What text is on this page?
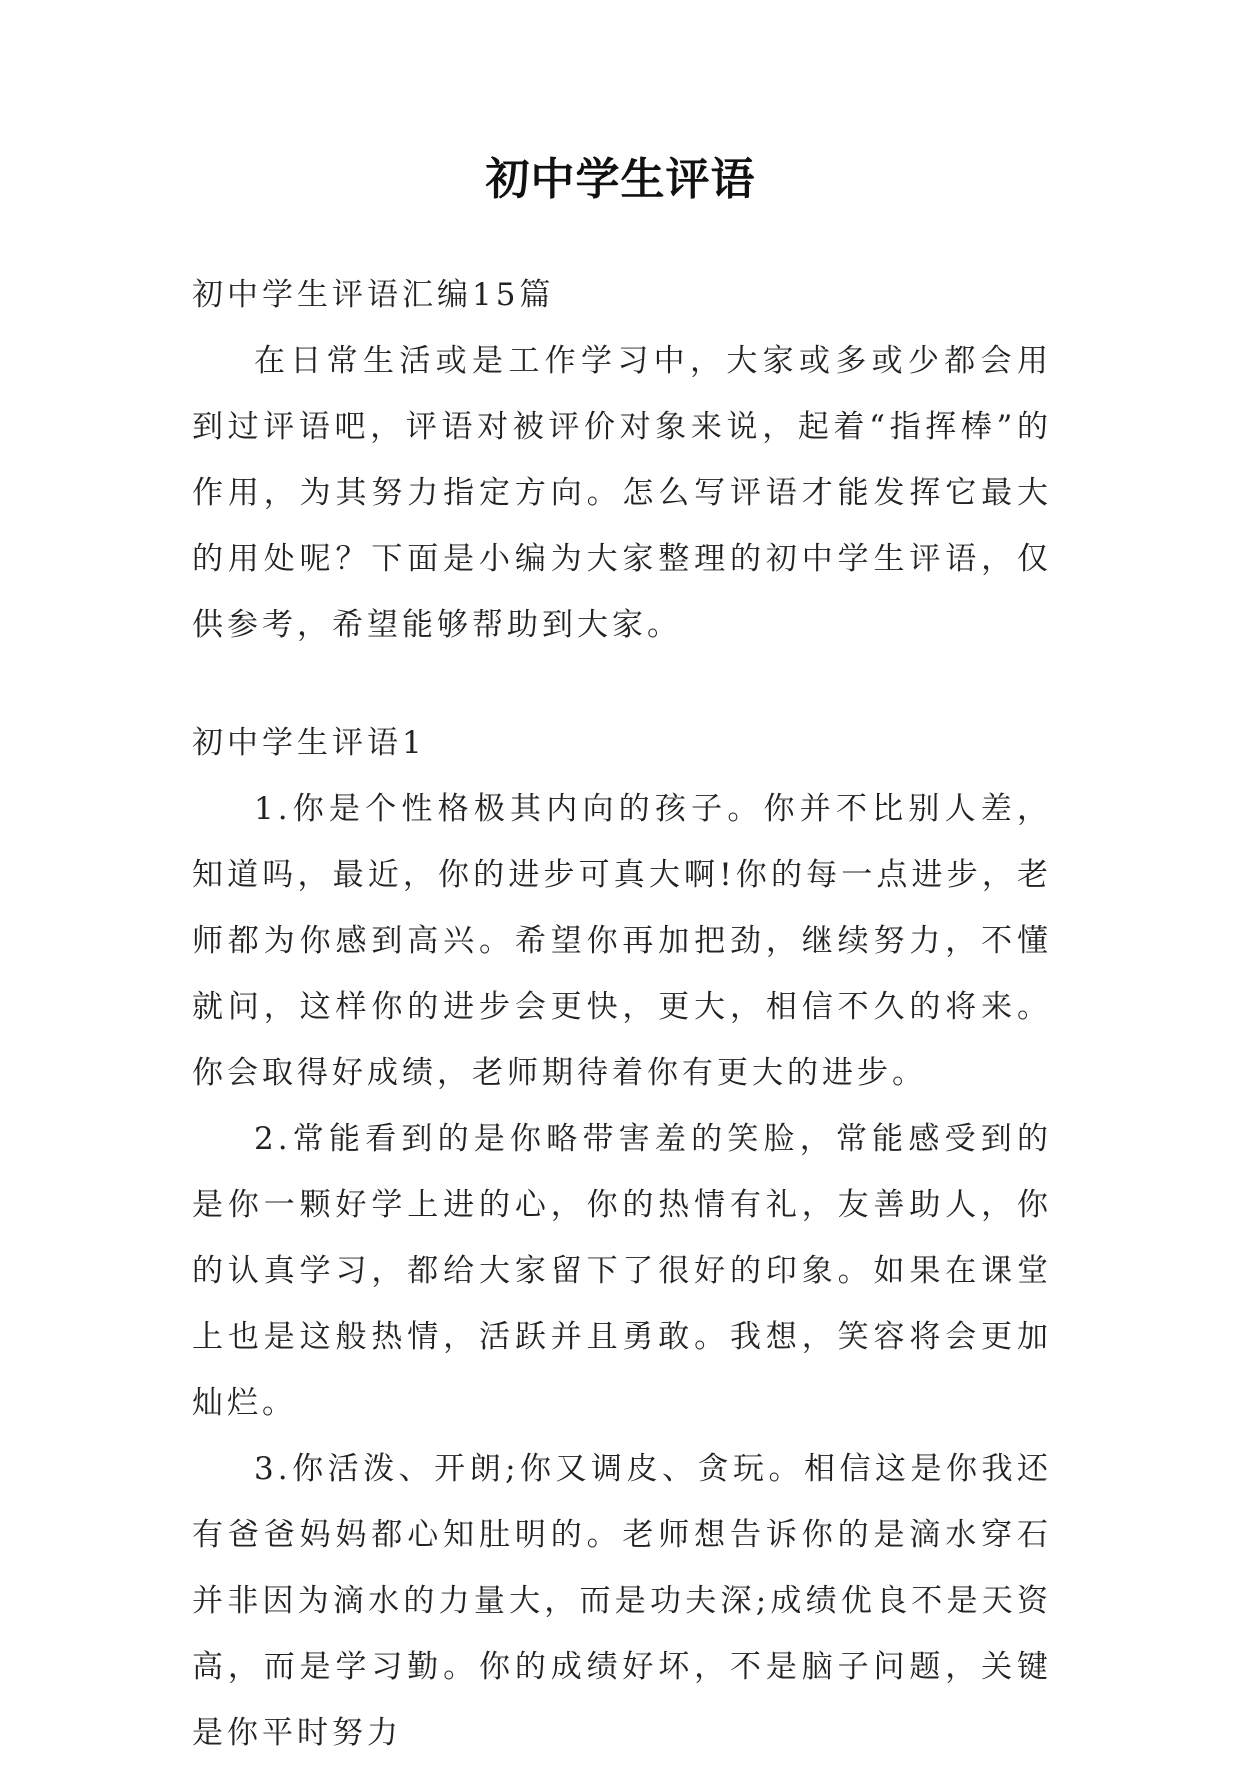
初中学生评语

初中学生评语汇编15篇

在日常生活或是工作学习中，大家或多或少都会用到过评语吧，评语对被评价对象来说，起着“指挥棒”的作用，为其努力指定方向。怎么写评语才能发挥它最大的用处呢？下面是小编为大家整理的初中学生评语，仅供参考，希望能够帮助到大家。

初中学生评语1

1.你是个性格极其内向的孩子。你并不比别人差，知道吗，最近，你的进步可真大啊!你的每一点进步，老师都为你感到高兴。希望你再加把劲，继续努力，不懂就问，这样你的进步会更快，更大，相信不久的将来。你会取得好成绩，老师期待着你有更大的进步。

2.常能看到的是你略带害羞的笑脸，常能感受到的是你一颗好学上进的心，你的热情有礼，友善助人，你的认真学习，都给大家留下了很好的印象。如果在课堂上也是这般热情，活跃并且勇敢。我想，笑容将会更加灿烂。

3.你活泼、开朗;你又调皮、贪玩。相信这是你我还有爸爸妈妈都心知肚明的。老师想告诉你的是滴水穿石并非因为滴水的力量大，而是功夫深;成绩优良不是天资高，而是学习勤。你的成绩好坏，不是脑子问题，关键是你平时努力
